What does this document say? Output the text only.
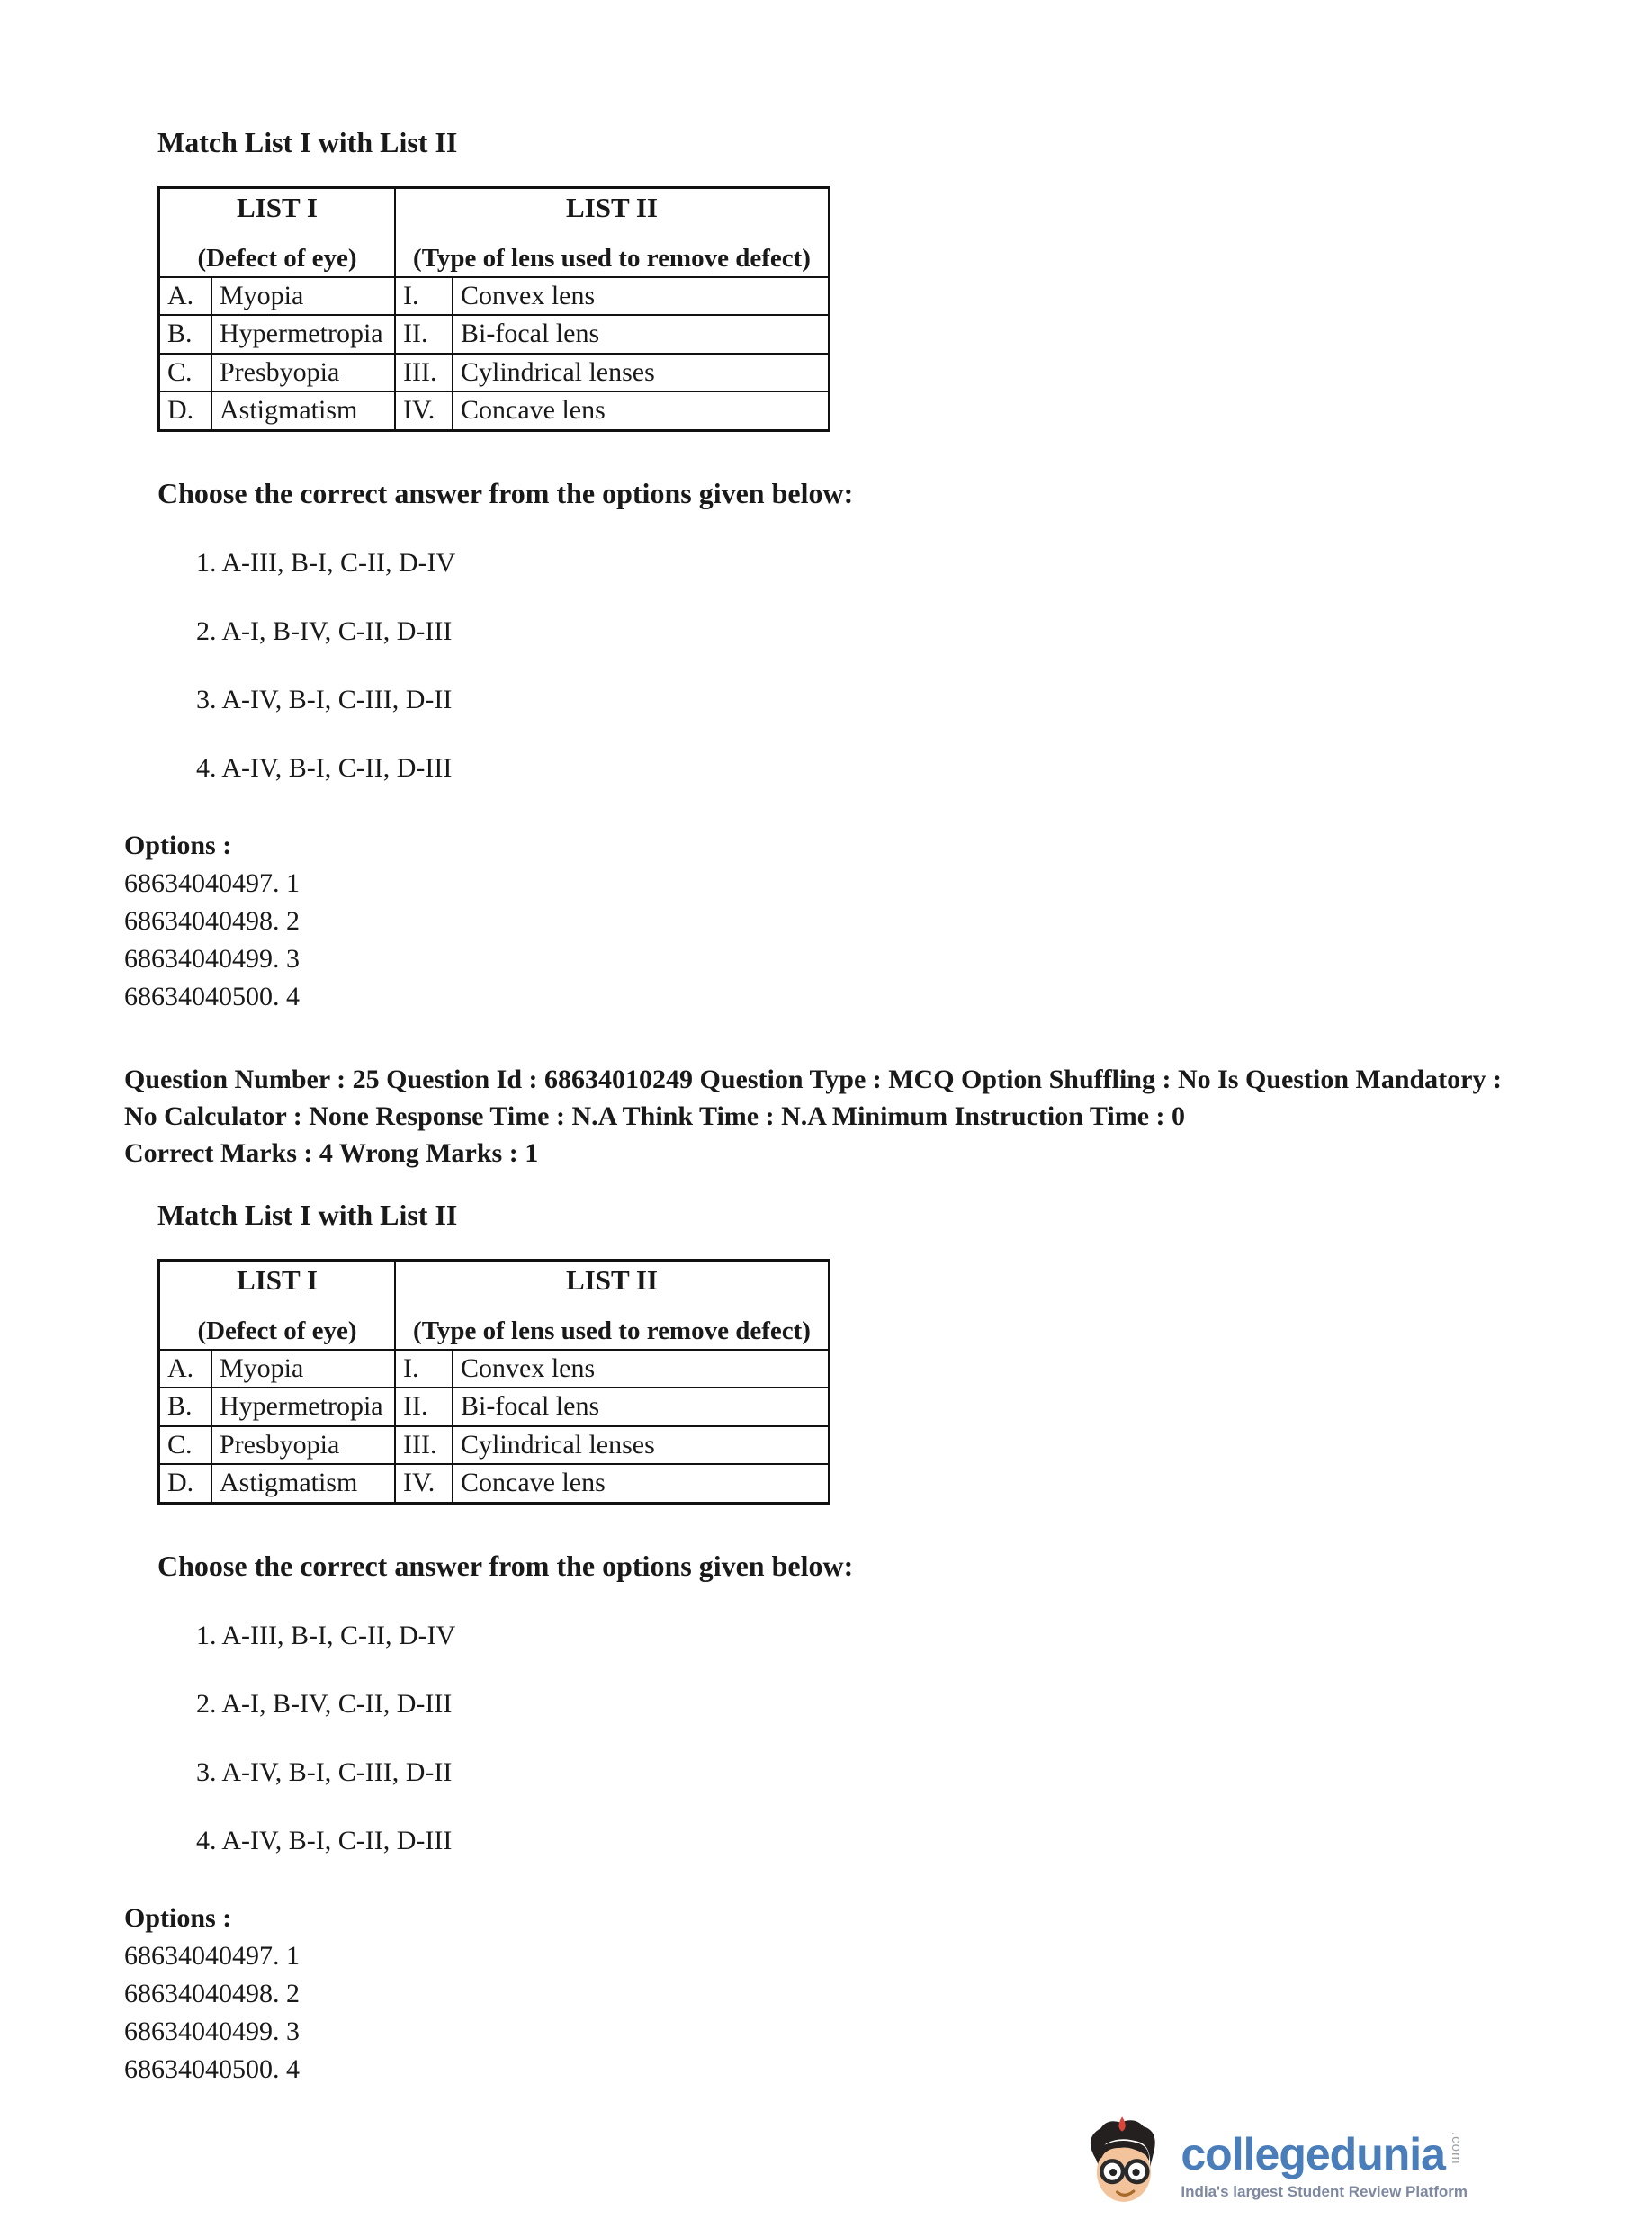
Match List I with List II
LIST I
(Defect of eye)

LIST II
(Type of lens used to remove defect)

A.	Myopia	I.	Convex lens
B.	Hypermetropia	II.	Bi-focal lens
C.	Presbyopia	III.	Cylindrical lenses
D.	Astigmatism	IV.	Concave lens

Choose the correct answer from the options given below:

1. A-III, B-I, C-II, D-IV
2. A-I, B-IV, C-II, D-III
3. A-IV, B-I, C-III, D-II
4. A-IV, B-I, C-II, D-III
Options :
68634040497. 1
68634040498. 2
68634040499. 3
68634040500. 4
Question Number : 25 Question Id : 68634010249 Question Type : MCQ Option Shuffling : No Is Question Mandatory :
No Calculator : None Response Time : N.A Think Time : N.A Minimum Instruction Time : 0
Correct Marks : 4 Wrong Marks : 1
Match List I with List II
LIST I
(Defect of eye)

LIST II
(Type of lens used to remove defect)

A.	Myopia	I.	Convex lens
B.	Hypermetropia	II.	Bi-focal lens
C.	Presbyopia	III.	Cylindrical lenses
D.	Astigmatism	IV.	Concave lens

Choose the correct answer from the options given below:

1. A-III, B-I, C-II, D-IV
2. A-I, B-IV, C-II, D-III
3. A-IV, B-I, C-III, D-II
4. A-IV, B-I, C-II, D-III
Options :
68634040497. 1
68634040498. 2
68634040499. 3
68634040500. 4
collegedunia .com
India's largest Student Review Platform
